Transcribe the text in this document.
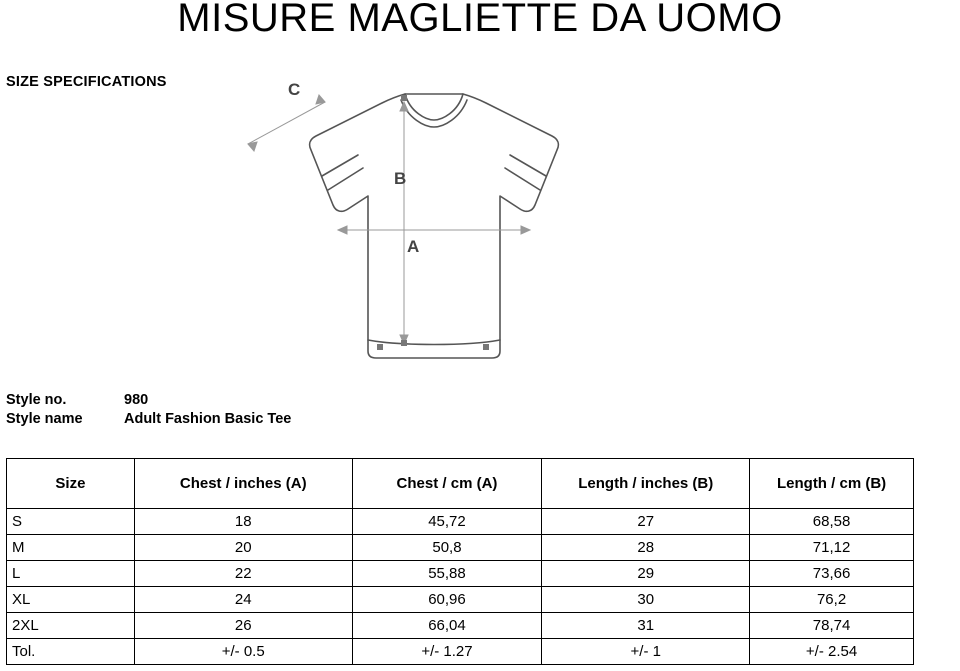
MISURE MAGLIETTE DA UOMO
SIZE SPECIFICATIONS	C
B
A
Style no.	980
Style name	Adult Fashion Basic Tee
Size	Chest / inches (A)	Chest / cm (A)	Length / inches (B)	Length / cm (B)
S	18	45,72	27	68,58
M	20	50,8	28	71,12
L	22	55,88	29	73,66
XL	24	60,96	30	76,2
2XL	26	66,04	31	78,74
Tol.	+/- 0.5	+/- 1.27	+/- 1	+/- 2.54
